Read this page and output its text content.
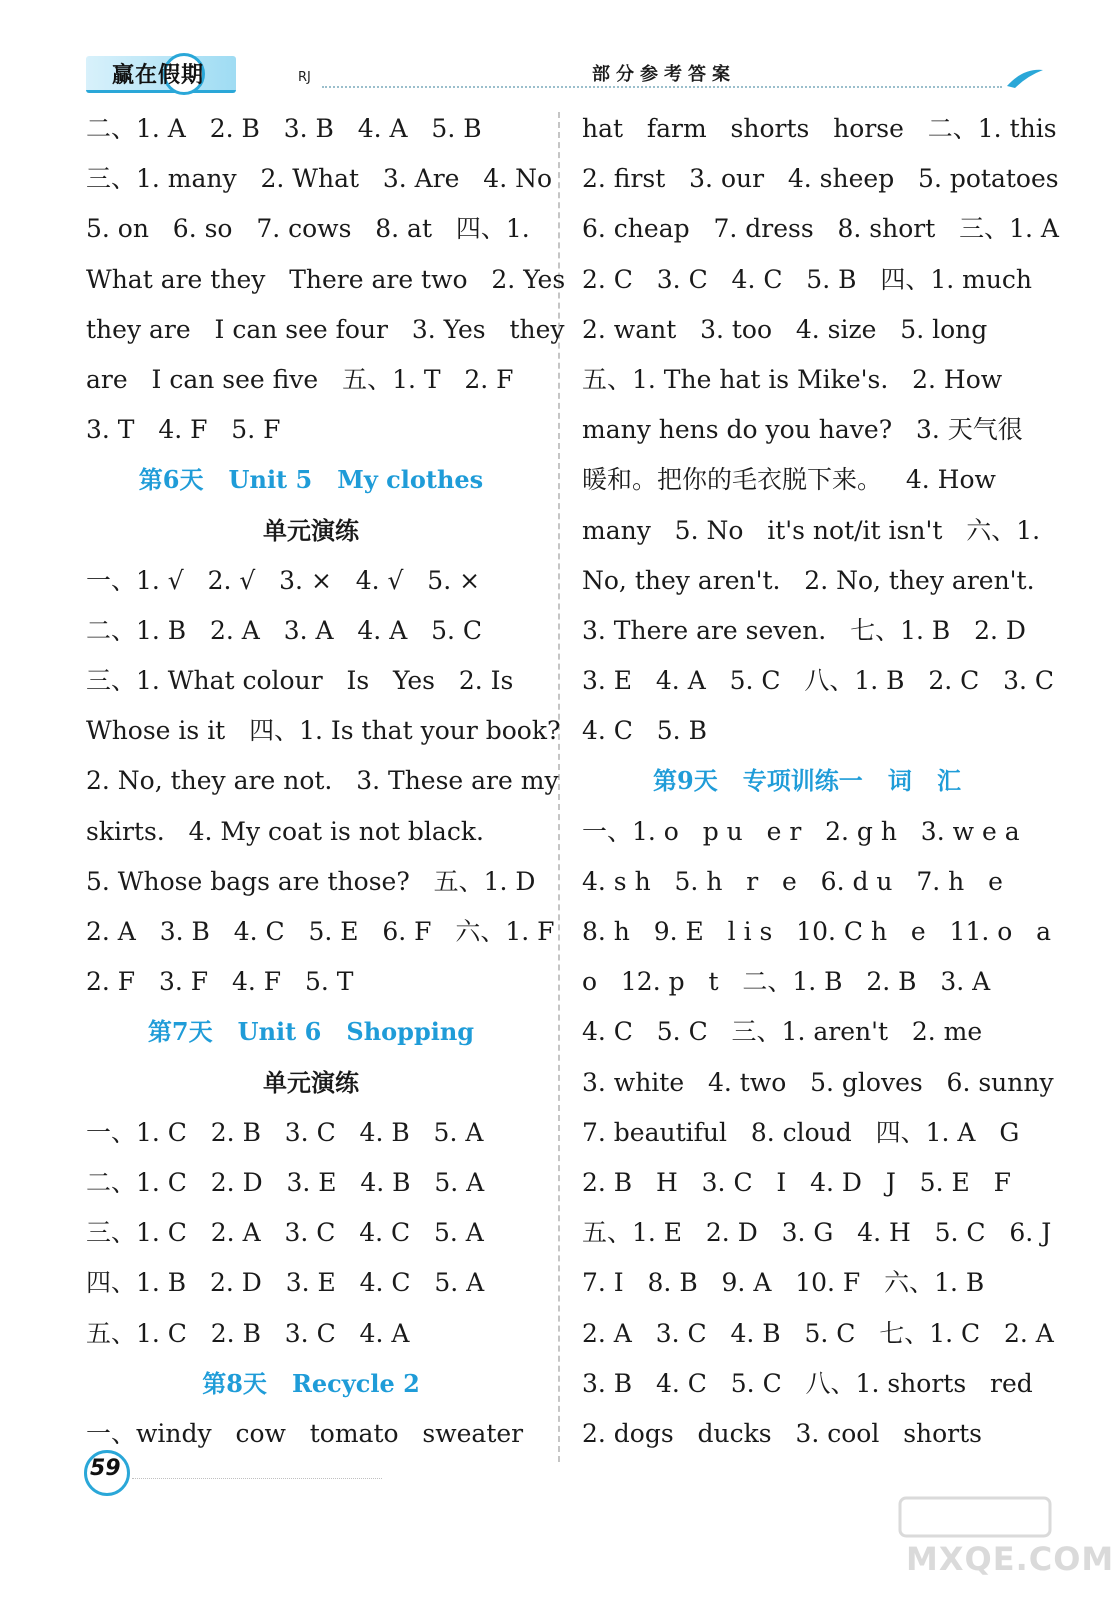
赢在假期	RJ	部分参考答案
二、1. A   2. B   3. B   4. A   5. B
三、1. many   2. What   3. Are   4. No
5. on   6. so   7. cows   8. at   四、1.
What are they   There are two   2. Yes
they are   I can see four   3. Yes   they
are   I can see five   五、1. T   2. F
3. T   4. F   5. F
第6天   Unit 5   My clothes
单元演练
一、1. √   2. √   3. ×   4. √   5. ×
二、1. B   2. A   3. A   4. A   5. C
三、1. What colour   Is   Yes   2. Is
Whose is it   四、1. Is that your book?
2. No, they are not.   3. These are my
skirts.   4. My coat is not black.
5. Whose bags are those?   五、1. D
2. A   3. B   4. C   5. E   6. F   六、1. F
2. F   3. F   4. F   5. T
第7天   Unit 6   Shopping
单元演练
一、1. C   2. B   3. C   4. B   5. A
二、1. C   2. D   3. E   4. B   5. A
三、1. C   2. A   3. C   4. C   5. A
四、1. B   2. D   3. E   4. C   5. A
五、1. C   2. B   3. C   4. A
第8天   Recycle 2
一、windy   cow   tomato   sweater
hat   farm   shorts   horse   二、1. this
2. first   3. our   4. sheep   5. potatoes
6. cheap   7. dress   8. short   三、1. A
2. C   3. C   4. C   5. B   四、1. much
2. want   3. too   4. size   5. long
五、1. The hat is Mike's.   2. How
many hens do you have?   3. 天气很
暖和。把你的毛衣脱下来。   4. How
many   5. No   it's not/it isn't   六、1.
No, they aren't.   2. No, they aren't.
3. There are seven.   七、1. B   2. D
3. E   4. A   5. C   八、1. B   2. C   3. C
4. C   5. B
第9天   专项训练一   词   汇
一、1. o   p u   e r   2. g h   3. w e a
4. s h   5. h   r   e   6. d u   7. h   e
8. h   9. E   l i s   10. C h   e   11. o   a
o   12. p   t   二、1. B   2. B   3. A
4. C   5. C   三、1. aren't   2. me
3. white   4. two   5. gloves   6. sunny
7. beautiful   8. cloud   四、1. A   G
2. B   H   3. C   I   4. D   J   5. E   F
五、1. E   2. D   3. G   4. H   5. C   6. J
7. I   8. B   9. A   10. F   六、1. B
2. A   3. C   4. B   5. C   七、1. C   2. A
3. B   4. C   5. C   八、1. shorts   red
2. dogs   ducks   3. cool   shorts
59
MXQE.COM
